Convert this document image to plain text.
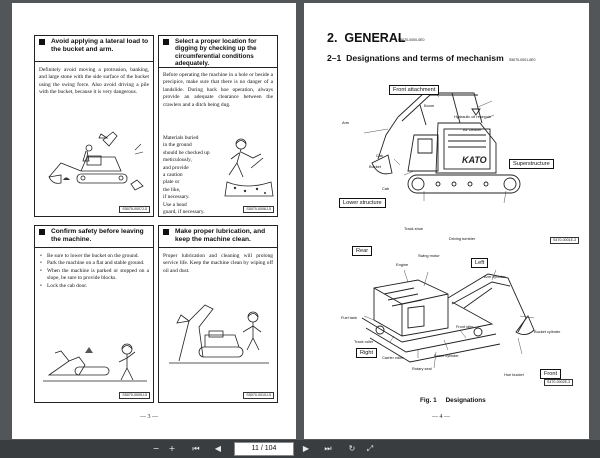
Avoid applying a lateral load to the bucket and arm.
Definitely avoid moving a protrusion, banking, and large stone with the side surface of the bucket using the swing force. Also avoid driving a pile with the bucket, because it is very dangerous.
S5075-0007J-5
Select a proper location for digging by checking up the circumferential conditions adequately.
Before operating the machine in a hole or beside a precipice, make sure that there is no danger of a landslide. During back hoe operation, always provide an adequate clearance between the crawlers and a ditch being dug.
Materials buried
in the ground
should be checked up
meticulously,
and provide
a caution
plate or
the like,
if necessary.
Use a head
guard, if necessary.
S5070-0006J-5
Confirm safety before leaving the machine.
• Be sure to lower the bucket on the ground.
• Park the machine on a flat and stable ground.
• When the machine is parked or stopped on a slope, be sure to provide blocks.
• Lock the cab door.
S5070-0009J-5
Make proper lubrication, and keep the machine clean.
Proper lubrication and cleaning will prolong service life. Keep the machine clean by wiping off oil and dust.
S5070-0010J-5
— 3 —
2.  GENERAL
S5070-0000-0E0
2–1  Designations and terms of mechanism S5070-0001-0E0
KATO
Front attachment
Boom
Hydraulic oil reservoir
Air cleaner
Arm
Cab
Bucket	Superstructure
Cab
Lower structure
Track shoe
Driving tumbler	S470-0001E-3
Rear
Engine
Swing motor
Left
Arm cylinder
Fuel tank
Front idler
Bucket cylinder
Track roller
Right	Boom cylinder
Carrier roller
Rotary seal
Front
Hoe bucket
S470-0002E-3
Fig. 1     Designations
— 4 —
−	+	⏮	◀	11 / 104	▶	⏭	↻	⤢
